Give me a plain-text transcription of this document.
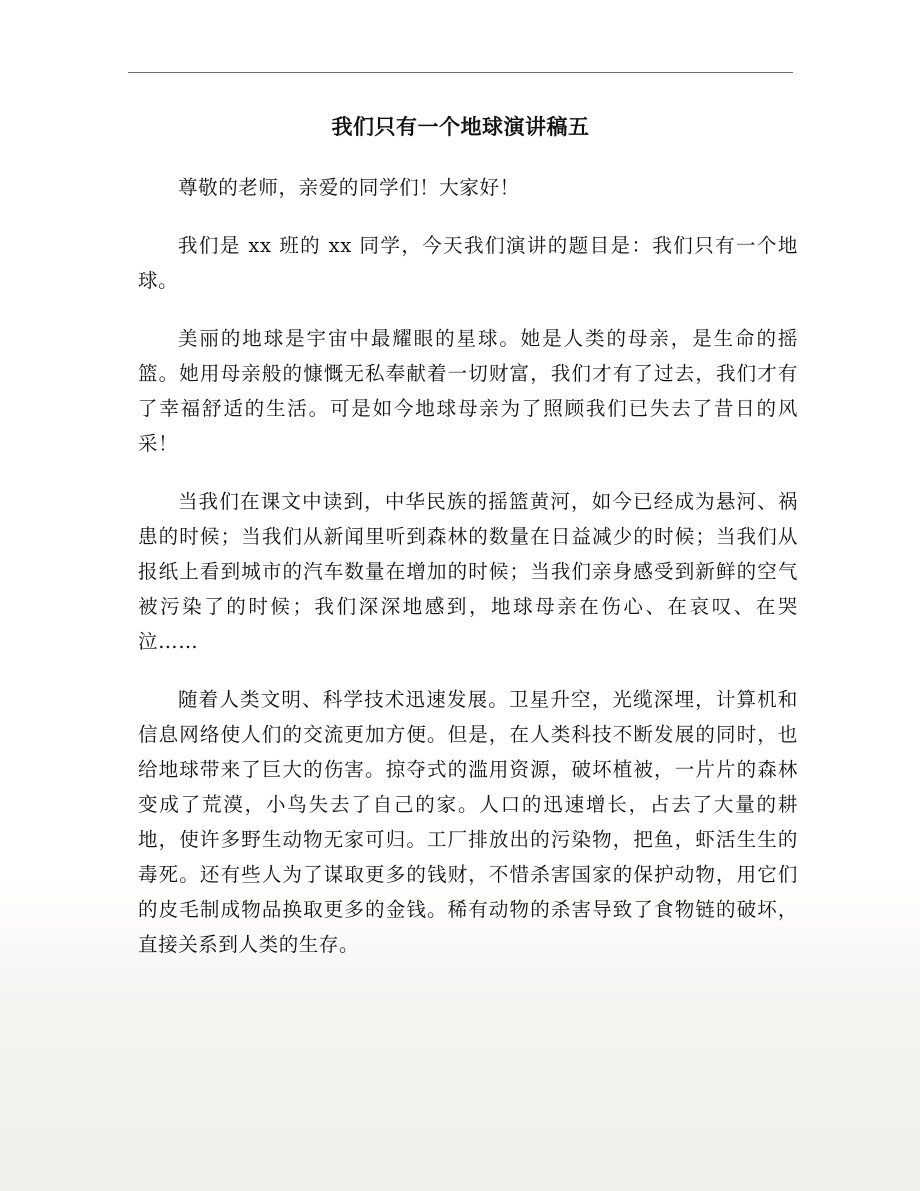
我们只有一个地球演讲稿五

尊敬的老师，亲爱的同学们！大家好！

我们是 xx 班的 xx 同学，今天我们演讲的题目是：我们只有一个地球。

美丽的地球是宇宙中最耀眼的星球。她是人类的母亲，是生命的摇篮。她用母亲般的慷慨无私奉献着一切财富，我们才有了过去，我们才有了幸福舒适的生活。可是如今地球母亲为了照顾我们已失去了昔日的风采！

当我们在课文中读到，中华民族的摇篮黄河，如今已经成为悬河、祸患的时候；当我们从新闻里听到森林的数量在日益减少的时候；当我们从报纸上看到城市的汽车数量在增加的时候；当我们亲身感受到新鲜的空气被污染了的时候；我们深深地感到，地球母亲在伤心、在哀叹、在哭泣……

随着人类文明、科学技术迅速发展。卫星升空，光缆深埋，计算机和信息网络使人们的交流更加方便。但是，在人类科技不断发展的同时，也给地球带来了巨大的伤害。掠夺式的滥用资源，破坏植被，一片片的森林变成了荒漠，小鸟失去了自己的家。人口的迅速增长，占去了大量的耕地，使许多野生动物无家可归。工厂排放出的污染物，把鱼，虾活生生的毒死。还有些人为了谋取更多的钱财，不惜杀害国家的保护动物，用它们的皮毛制成物品换取更多的金钱。稀有动物的杀害导致了食物链的破坏，直接关系到人类的生存。
